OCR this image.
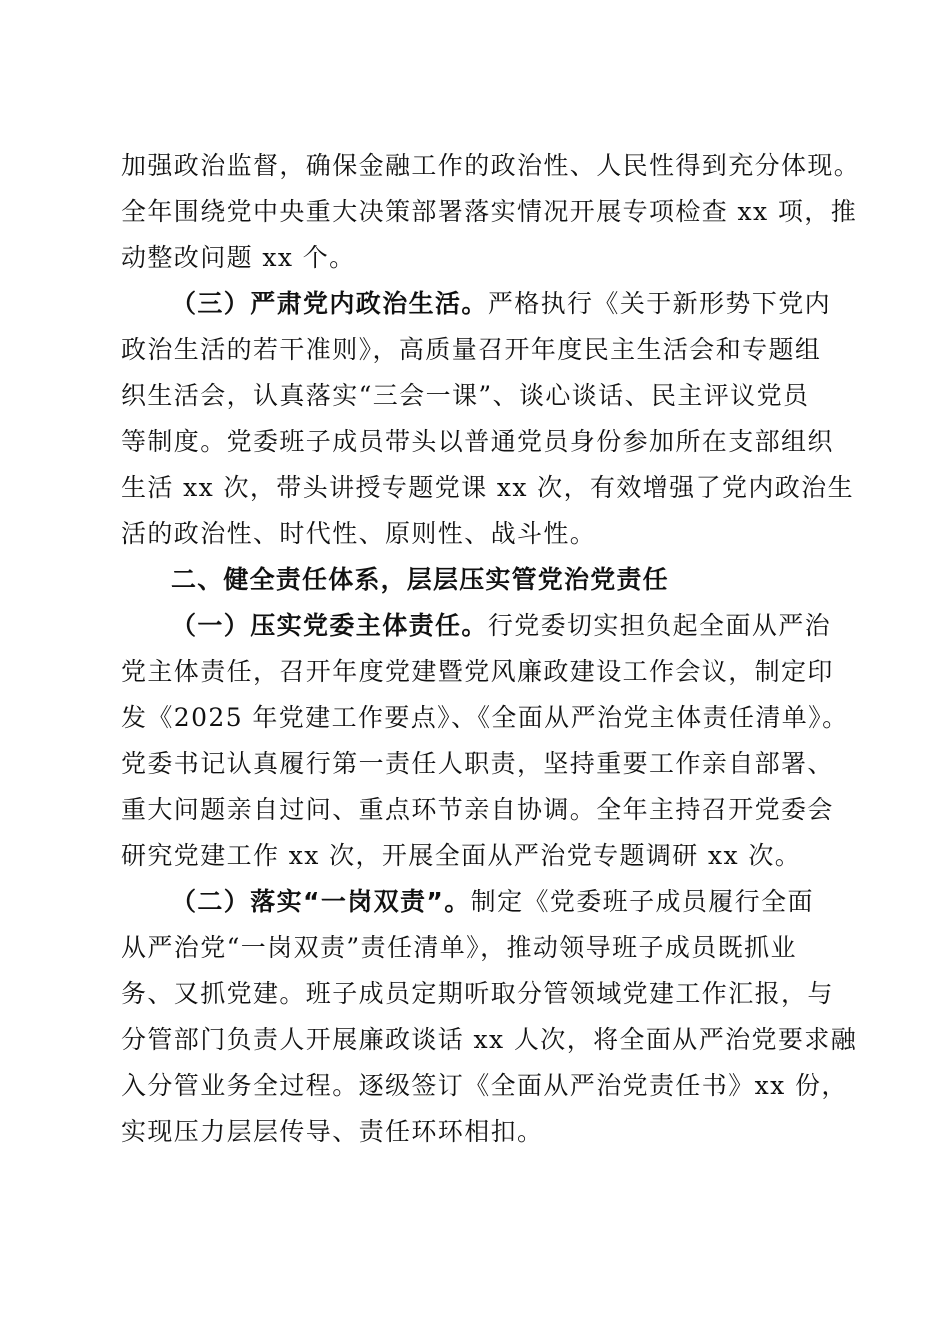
加强政治监督，确保金融工作的政治性、人民性得到充分体现。
全年围绕党中央重大决策部署落实情况开展专项检查 xx 项，推
动整改问题 xx 个。
（三）严肃党内政治生活。严格执行《关于新形势下党内
政治生活的若干准则》，高质量召开年度民主生活会和专题组
织生活会，认真落实“三会一课”、谈心谈话、民主评议党员
等制度。党委班子成员带头以普通党员身份参加所在支部组织
生活 xx 次，带头讲授专题党课 xx 次，有效增强了党内政治生
活的政治性、时代性、原则性、战斗性。
二、健全责任体系，层层压实管党治党责任
（一）压实党委主体责任。行党委切实担负起全面从严治
党主体责任，召开年度党建暨党风廉政建设工作会议，制定印
发《2025 年党建工作要点》、《全面从严治党主体责任清单》。
党委书记认真履行第一责任人职责，坚持重要工作亲自部署、
重大问题亲自过问、重点环节亲自协调。全年主持召开党委会
研究党建工作 xx 次，开展全面从严治党专题调研 xx 次。
（二）落实“一岗双责”。制定《党委班子成员履行全面
从严治党“一岗双责”责任清单》，推动领导班子成员既抓业
务、又抓党建。班子成员定期听取分管领域党建工作汇报，与
分管部门负责人开展廉政谈话 xx 人次，将全面从严治党要求融
入分管业务全过程。逐级签订《全面从严治党责任书》xx 份，
实现压力层层传导、责任环环相扣。
